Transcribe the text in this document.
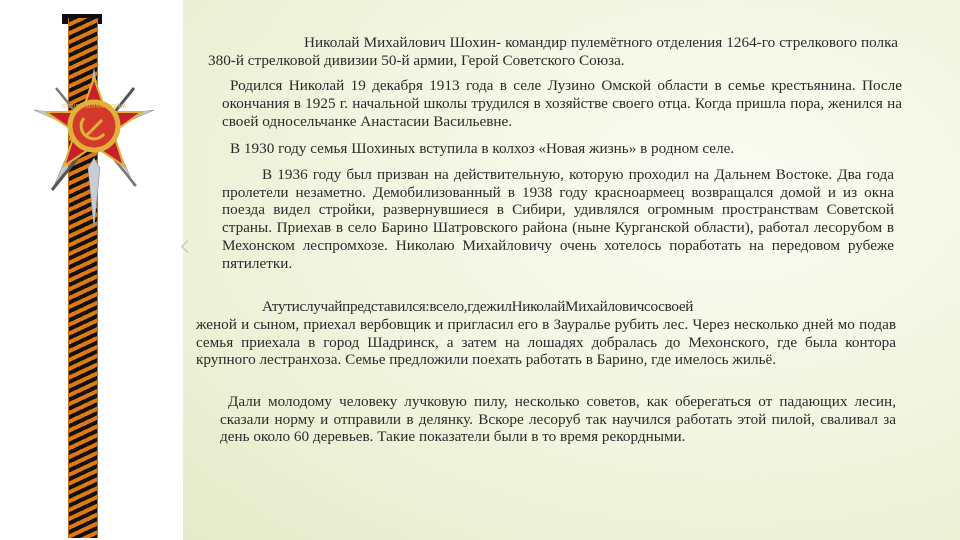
ОТЕЧЕСТВЕННАЯ ВОЙНА

Николай Михайлович Шохин- командир пулемётного отделения 1264-го стрелкового полка 380-й стрелковой дивизии 50-й армии, Герой Советского Союза.

Родился Николай 19 декабря 1913 года в селе Лузино Омской области в семье крестьянина. После окончания в 1925 г. начальной школы трудился в хозяйстве своего отца. Когда пришла пора, женился на своей односельчанке Анастасии Васильевне.

В 1930 году семья Шохиных вступила в колхоз «Новая жизнь» в родном селе.

В 1936 году был призван на действительную, которую проходил на Дальнем Востоке. Два года пролетели незаметно. Демобилизованный в 1938 году красноармеец возвращался домой и из окна поезда видел стройки, развернувшиеся в Сибири, удивлялся огромным пространствам Советской страны. Приехав в село Барино Шатровского района (ныне Курганской области), работал лесорубом в Мехонском леспромхозе. Николаю Михайловичу очень хотелось поработать на передовом рубеже пятилетки.

Атутислучайпредставился:вселo,гдежилНиколайМихайловичсосвоей

женой и сыном, приехал вербовщик и пригласил его в Зауралье рубить лес. Через несколько дней мо подав семья приехала в город Шадринск, а затем на лошадях добралась до Мехонского, где была контора крупного лестранхоза. Семье предложили поехать работать в Барино, где имелось жильё.

Дали молодому человеку лучковую пилу, несколько советов, как оберегаться от падающих лесин, сказали норму и отправили в делянку. Вскоре лесоруб так научился работать этой пилой, сваливал за день около 60 деревьев. Такие показатели были в то время рекордными.
